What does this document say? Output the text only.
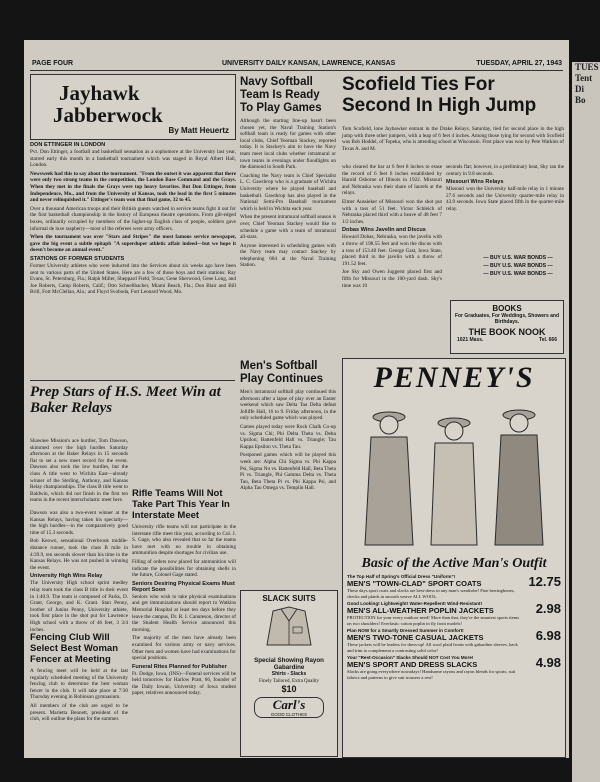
PAGE FOUR	UNIVERSITY DAILY KANSAN, LAWRENCE, KANSAS	TUESDAY, APRIL 27, 1943
Jayhawk
Jabberwock
By Matt Heuertz
DON ETTINGER IN LONDON

Pvt. Don Ettinger, a football and basketball sensation as a sophomore at the University last year, starred early this month in a basketball tournament which was staged in Royal Albert Hall, London.

Newsweek had this to say about the tournament. "From the outset it was apparent that there were only two strong teams in the competition, the London Base Command and the Grays. When they met in the finals the Grays were top heavy favorites. But Don Ettinger, from Independence, Mo., and from the University of Kansas, took the lead in the first 5 minutes and never relinquished it." Ettinger's team won that final game, 32 to 45.

Over a thousand American troops and their British guests watched in service teams fight it out for the first basketball championship in the history of European theatre operations. From gilt-edged boxes, ordinarily occupied by members of the higher-up English class of people, soldiers gave informal de luxe raspberry—most of the referees were army officers.

When the tournament was over "Stars and Stripes" the most famous service newspaper, gave the big event a subtle epitaph "A superduper athletic affair indeed—but we hope it doesn't become an annual event."

STATIONS OF FORMER STUDENTS

Former University athletes who were inducted into the Services about six weeks ago have been sent to various parts of the United States. Here are a few of those boys and their stations: Ray Evans, St. Petersburg, Fla.; Ralph Miller, Sheppard Field, Texas; Gene Sherwood, Gene Long, and Joe Roberts, Camp Roberts, Calif.; Otto Schnellbacher, Miami Beach, Fla.; Don Blair and Bill Brill, Fort McClellan, Ala.; and Floyd Svoboda, Fort Leonard Wood, Mo.

Prep Stars of H.S. Meet Win at Baker Relays

Shawnee Mission's ace hurdler, Tom Dawson, skimmed over the high hurdles Saturday afternoon at the Baker Relays in 15 seconds flat to set a new meet record for the event. Dawson also took the low hurdles, but the class A title went to Wichita East—already winner of the Sterling, Anthony, and Kansas Relay championships. The class B title went to Baldwin, which did not finish in the first ten teams in the recent interscholastic meet here.

Dawson was also a two-event winner at the Kansas Relays, having taken his specialty—the high hurdles—in the comparatively good time of 15.3 seconds.

Bob Keown, sensational Overbrook middle-distance runner, took the class B mile in 4:39.9, ten seconds slower than his time in the Kansas Relays. He was not pushed in winning the event.

University High Wins Relay

The University High school sprint medley relay team took the class B title in their event in 1:40.9. The team is composed of Parks, D. Grant, George, and K. Grant. Stan Penny, brother of Junius Penny, University athlete, took first place in the shot put for Lawrence High school with a throw of 46 feet, 3 3/4 inches.

Fencing Club Will Select Best Woman Fencer at Meeting

A fencing meet will be held at the last regularly scheduled meeting of the University fencing club to determine the best woman fencer in the club. It will take place at 7:30 Thursday evening in Robinson gymnasium.

All members of the club are urged to be present. Marietta Bennett, president of the club, will outline the plans for the summer.

Rifle Teams Will Not Take Part This Year In Interstate Meet

University rifle teams will not participate in the interstate rifle meet this year, according to Col. J. S. Gage, who also revealed that so far the teams have met with no trouble in obtaining ammunition despite shortages for civilian use.

Filling of orders now placed for ammunition will indicate the possibilities for obtaining shells in the future, Colonel Gage stated.

Seniors Desiring Physical Exams Must Report Soon

Seniors who wish to take physical examinations and get immunizations should report to Watkins Memorial Hospital at least ten days before they leave the campus, Dr. R. I. Canuteson, director of the Student Health Service announced this morning.

The majority of the men have already been examined for various army or navy services. Other men and women have had examinations for special positions.

Funeral Rites Planned for Publisher

Ft. Dodge, Iowa, (INS)—Funeral services will be held tomorrow for Harlow Pratt, 66, founder of the Daily Iowan, University of Iowa student paper, relatives announced today.

Navy Softball Team Is Ready To Play Games

Although the starting line-up hasn't been chosen yet, the Naval Training Station's softball team is ready for games with other local clubs, Chief Yeoman Stackey, reported today. It is Stackey's aim to have the Navy team meet local clubs whether intramural or town teams in evenings under floodlights on the diamond in South Park.

Coaching the Navy team is Chief Specialist L. C. Gawthrop who is a graduate of Wichita University where he played baseball and basketball. Gawthrop has also played in the National Semi-Pro Baseball tournament which is held in Wichita each year.

When the present intramural softball season is over, Chief Yeoman Stackey would like to schedule a game with a team of intramural all-stars.

Anyone interested in scheduling games with the Navy team may contact Stackey by telephoning 684 at the Naval Training Station.

Men's Softball Play Continues

Men's intramural softball play continued this afternoon after a lapse of play over an Easter weekend which saw Delta Tau Delta defeat Jolliffe Hall, 16 to 9. Friday afternoon, in the only scheduled game which was played.

Games played today were Rock Chalk Co-op vs. Sigma Chi; Phi Delta Theta vs. Delta Upsilon; Battenfeld Hall vs. Triangle; Tau Kappa Epsilon vs. Theta Tau.

Postponed games which will be played this week are: Alpha Chi Sigma vs. Phi Kappa Psi, Sigma Nu vs. Battenfeld Hall, Beta Theta Pi vs. Triangle, Phi Gamma Delta vs. Theta Tau, Beta Theta Pi vs. Phi Kappa Psi, and Alpha Tau Omega vs. Templin Hall.

SLACK SUITS
Special Showing Rayon Gabardine
Shirts - Slacks
Finely Tailored, Extra Quality
$10
Carl's
GOOD CLOTHES
Scofield Ties For Second In High Jump

Tom Scofield, lone Jayhawker entrant in the Drake Relays, Saturday, tied for second place in the high jump with three other jumpers, with a leap of 6 feet 4 inches. Among those tying for second with Scofield was Bob Hoddel, of Topeka, who is attending school at Wisconsin. First place was won by Pete Watkins of Texas A. and M.

who cleared the bar at 6 feet 8 inches to erase the record of 6 feet 6 inches established by Harold Osborne of Illinois in 1922. Missouri and Nebraska won their share of laurels at the relays.

Elmer Aussieker of Missouri won the shot put with a toss of 51 feet. Victor Schleich of Nebraska placed third with a heave of 48 feet 7 1/2 inches.

Dobas Wins Javelin and Discus

Howard Dobas, Nebraska, won the javelin with a throw of 198.55 feet and won the discus with a toss of 153.40 feet. George Gast, Iowa State, placed third in the javelin with a throw of 191.52 feet.

Joe Sky and Owen Juggerst placed first and fifth for Missouri in the 100-yard dash. Sky's time was 10

seconds flat; however, in a preliminary heat, Sky ran the century in 9.8 seconds.

Missouri Wins Relays

Missouri won the University half-mile relay in 1 minute 27.6 seconds and the University quarter-mile relay in 43.9 seconds. Iowa State placed fifth in the quarter-mile relay.

— BUY U.S. WAR BONDS —
— BUY U.S. WAR BONDS —
— BUY U.S. WAR BONDS —
BOOKS
For Graduates, For Weddings, Showers and Birthdays.
THE BOOK NOOK
1021 Mass.	Tel. 666
PENNEY'S
Basic of the Active Man's Outfit
The Top Half of Spring's Official Dress "Uniform"!
MEN'S "TOWN-CLAD" SPORT COATS
These days sport coats and slacks are best-dress in any man's wardrobe! Fine herringbones, checks and plaids in smooth weave ALL WOOL.
12.75
Good Looking! Lightweight! Water-Repellent! Wind-Resistant!
MEN'S ALL-WEATHER POPLIN JACKETS
PROTECTION for your every outdoor need! More than that, they're the smartest sports items on two shoulders! Everlastic cotton poplin in fly front models!
2.98
Plan NOW for a Smartly Dressed Summer in Comfort!
MEN'S TWO-TONE CASUAL JACKETS
These jackets will be leaders for dress-up! All wool plaid fronts with gabardine sleeves, back and trim to complement a contrasting solid color!
6.98
Your "Rest-Occasion" Slacks Should NOT Cost You More!
MEN'S SPORT AND DRESS SLACKS
Slacks are going everywhere nowadays! Handsome rayons and rayon blends for sports, suit fabrics and patterns to give suit trousers a rest!
4.98
TUES
Tent
Di
Bo
